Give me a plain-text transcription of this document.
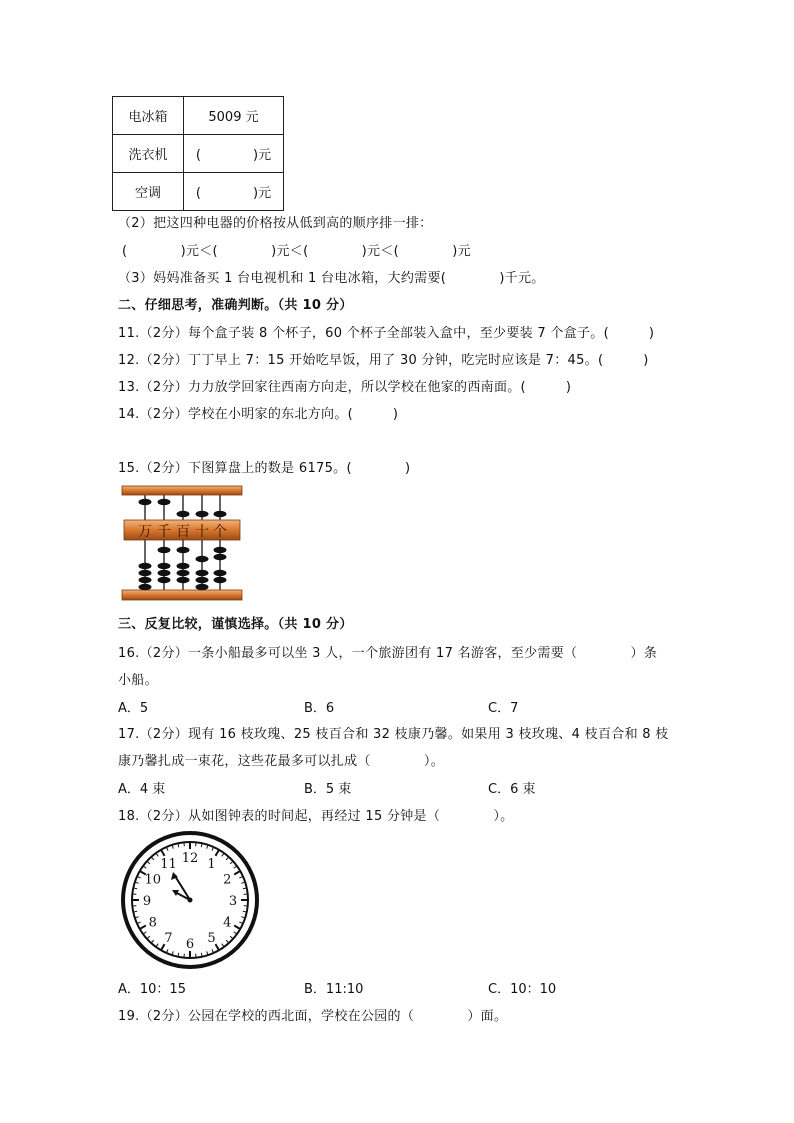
电冰箱	5009 元
洗衣机	(　　　　)元
空调	(　　　　)元
（2）把这四种电器的价格按从低到高的顺序排一排：
(　　　　)元＜(　　　　)元＜(　　　　)元＜(　　　　)元
（3）妈妈准备买 1 台电视机和 1 台电冰箱，大约需要(　　　　)千元。
二、仔细思考，准确判断。（共 10 分）
11.（2分）每个盒子装 8 个杯子，60 个杯子全部装入盒中，至少要装 7 个盒子。(　　　)
12.（2分）丁丁早上 7：15 开始吃早饭，用了 30 分钟，吃完时应该是 7：45。(　　　)
13.（2分）力力放学回家往西南方向走，所以学校在他家的西南面。(　　　)
14.（2分）学校在小明家的东北方向。(　　　)
15.（2分）下图算盘上的数是 6175。(　　　　)
万 千 百 十 个
三、反复比较，谨慎选择。（共 10 分）
16.（2分）一条小船最多可以坐 3 人，一个旅游团有 17 名游客，至少需要（　　　　）条
小船。
A．5	B．6	C．7
17.（2分）现有 16 枝玫瑰、25 枝百合和 32 枝康乃馨。如果用 3 枝玫瑰、4 枝百合和 8 枝
康乃馨扎成一束花，这些花最多可以扎成（　　　　）。
A．4 束	B．5 束	C．6 束
18.（2分）从如图钟表的时间起，再经过 15 分钟是（　　　　）。
12 1
2
3
4
5
6
7
8
9
10
11
A．10：15	B．11:10	C．10：10
19.（2分）公园在学校的西北面，学校在公园的（　　　　）面。
